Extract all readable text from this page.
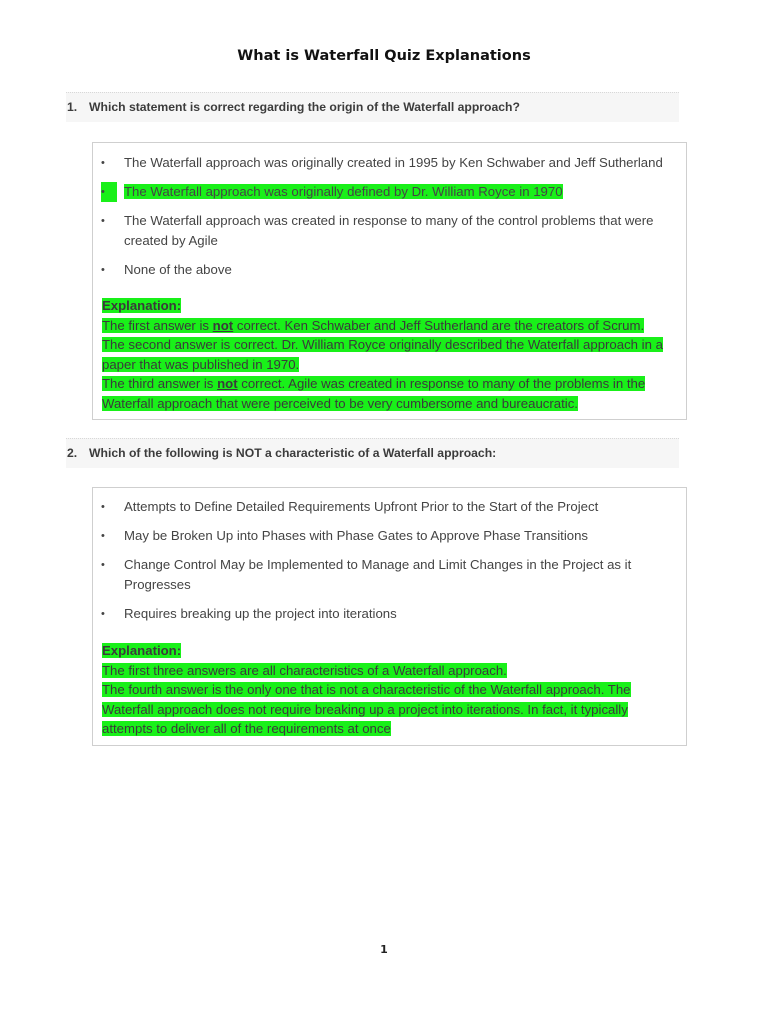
What is Waterfall Quiz Explanations
1. Which statement is correct regarding the origin of the Waterfall approach?
• The Waterfall approach was originally created in 1995 by Ken Schwaber and Jeff Sutherland
•	The Waterfall approach was originally defined by Dr. William Royce in 1970
• The Waterfall approach was created in response to many of the control problems that were created by Agile
• None of the above
Explanation:
The first answer is not correct. Ken Schwaber and Jeff Sutherland are the creators of Scrum.
The second answer is correct. Dr. William Royce originally described the Waterfall approach in a paper that was published in 1970.
The third answer is not correct. Agile was created in response to many of the problems in the Waterfall approach that were perceived to be very cumbersome and bureaucratic.
2. Which of the following is NOT a characteristic of a Waterfall approach:
• Attempts to Define Detailed Requirements Upfront Prior to the Start of the Project
• May be Broken Up into Phases with Phase Gates to Approve Phase Transitions
• Change Control May be Implemented to Manage and Limit Changes in the Project as it Progresses
• Requires breaking up the project into iterations
Explanation:
The first three answers are all characteristics of a Waterfall approach.
The fourth answer is the only one that is not a characteristic of the Waterfall approach. The Waterfall approach does not require breaking up a project into iterations. In fact, it typically attempts to deliver all of the requirements at once
1
